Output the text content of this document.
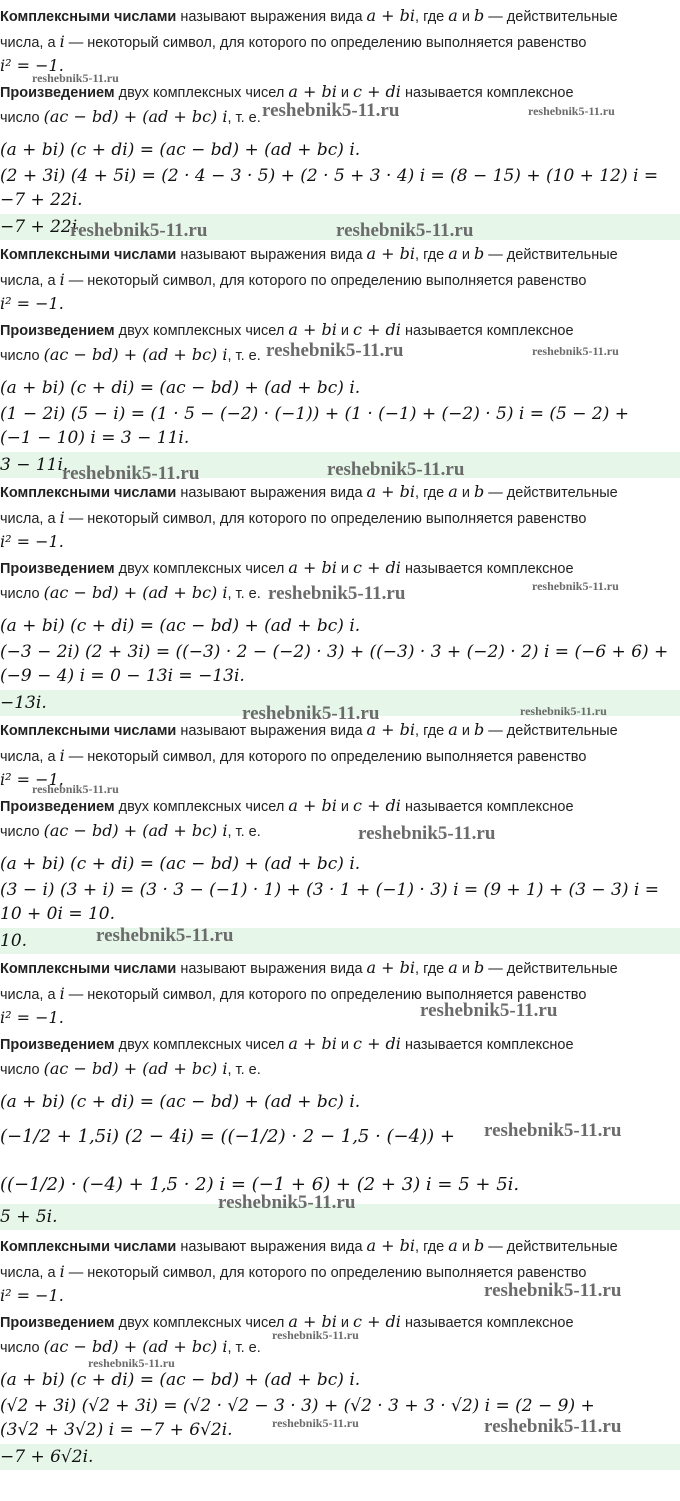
Комплексными числами называют выражения вида a + bi, где a и b — действительные
числа, а i — некоторый символ, для которого по определению выполняется равенство
i² = −1.
Произведением двух комплексных чисел a + bi и c + di называется комплексное
число (ac − bd) + (ad + bc) i, т. е.
(a + bi) (c + di) = (ac − bd) + (ad + bc) i.
(2 + 3i) (4 + 5i) = (2 · 4 − 3 · 5) + (2 · 5 + 3 · 4) i = (8 − 15) + (10 + 12) i =
−7 + 22i.
−7 + 22i.
Комплексными числами называют выражения вида a + bi, где a и b — действительные
числа, а i — некоторый символ, для которого по определению выполняется равенство
i² = −1.
Произведением двух комплексных чисел a + bi и c + di называется комплексное
число (ac − bd) + (ad + bc) i, т. е.
(a + bi) (c + di) = (ac − bd) + (ad + bc) i.
(1 − 2i) (5 − i) = (1 · 5 − (−2) · (−1)) + (1 · (−1) + (−2) · 5) i = (5 − 2) +
(−1 − 10) i = 3 − 11i.
3 − 11i.
Комплексными числами называют выражения вида a + bi, где a и b — действительные
числа, а i — некоторый символ, для которого по определению выполняется равенство
i² = −1.
Произведением двух комплексных чисел a + bi и c + di называется комплексное
число (ac − bd) + (ad + bc) i, т. е.
(a + bi) (c + di) = (ac − bd) + (ad + bc) i.
(−3 − 2i) (2 + 3i) = ((−3) · 2 − (−2) · 3) + ((−3) · 3 + (−2) · 2) i = (−6 + 6) +
(−9 − 4) i = 0 − 13i = −13i.
−13i.
Комплексными числами называют выражения вида a + bi, где a и b — действительные
числа, а i — некоторый символ, для которого по определению выполняется равенство
i² = −1.
Произведением двух комплексных чисел a + bi и c + di называется комплексное
число (ac − bd) + (ad + bc) i, т. е.
(a + bi) (c + di) = (ac − bd) + (ad + bc) i.
(3 − i) (3 + i) = (3 · 3 − (−1) · 1) + (3 · 1 + (−1) · 3) i = (9 + 1) + (3 − 3) i =
10 + 0i = 10.
10.
Комплексными числами называют выражения вида a + bi, где a и b — действительные
числа, а i — некоторый символ, для которого по определению выполняется равенство
i² = −1.
Произведением двух комплексных чисел a + bi и c + di называется комплексное
число (ac − bd) + (ad + bc) i, т. е.
(a + bi) (c + di) = (ac − bd) + (ad + bc) i.
(−1/2 + 1,5i) (2 − 4i) = ((−1/2) · 2 − 1,5 · (−4)) +
((−1/2) · (−4) + 1,5 · 2) i = (−1 + 6) + (2 + 3) i = 5 + 5i.
5 + 5i.
Комплексными числами называют выражения вида a + bi, где a и b — действительные
числа, а i — некоторый символ, для которого по определению выполняется равенство
i² = −1.
Произведением двух комплексных чисел a + bi и c + di называется комплексное
число (ac − bd) + (ad + bc) i, т. е.
(a + bi) (c + di) = (ac − bd) + (ad + bc) i.
(√2 + 3i) (√2 + 3i) = (√2 · √2 − 3 · 3) + (√2 · 3 + 3 · √2) i = (2 − 9) +
(3√2 + 3√2) i = −7 + 6√2i.
−7 + 6√2i.
reshebnik5-11.ru
reshebnik5-11.ru	reshebnik5-11.ru
reshebnik5-11.ru	reshebnik5-11.ru
reshebnik5-11.ru	reshebnik5-11.ru
reshebnik5-11.ru	reshebnik5-11.ru
reshebnik5-11.ru
reshebnik5-11.ru
reshebnik5-11.ru	reshebnik5-11.ru
reshebnik5-11.ru
reshebnik5-11.ru
reshebnik5-11.ru
reshebnik5-11.ru
reshebnik5-11.ru
reshebnik5-11.ru
reshebnik5-11.ru
reshebnik5-11.ru
reshebnik5-11.ru
reshebnik5-11.ru	reshebnik5-11.ru
